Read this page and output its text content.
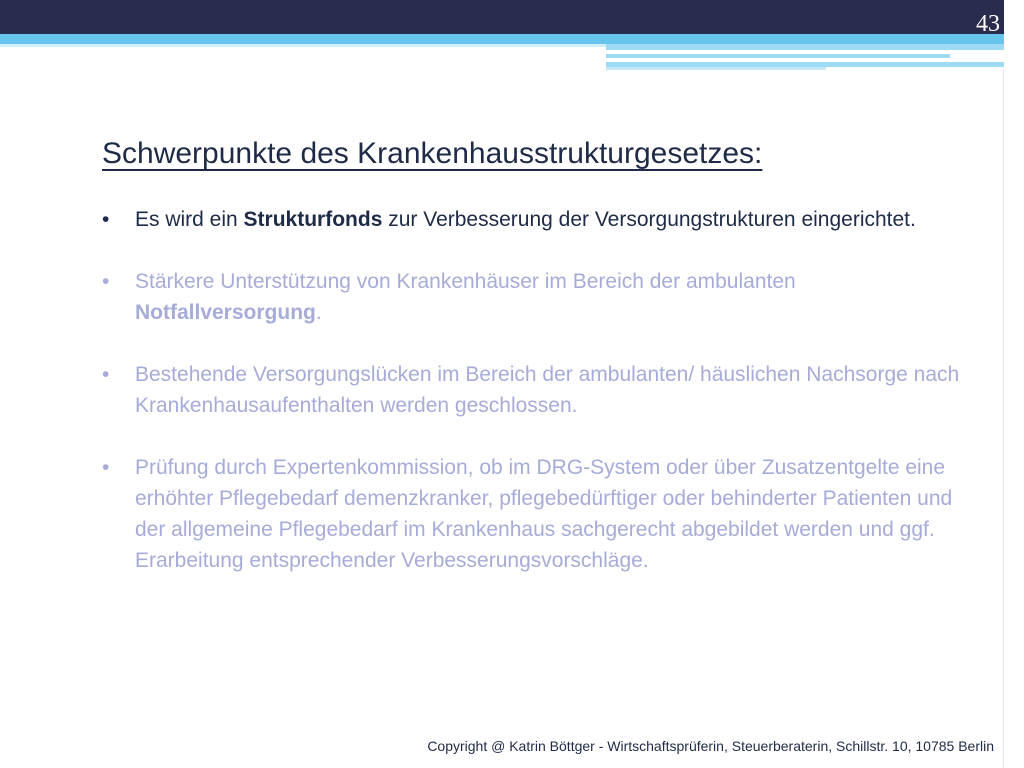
43
Schwerpunkte des Krankenhausstrukturgesetzes:
• Es wird ein Strukturfonds zur Verbesserung der Versorgungstrukturen eingerichtet.
• Stärkere Unterstützung von Krankenhäuser im Bereich der ambulanten Notfallversorgung.
• Bestehende Versorgungslücken im Bereich der ambulanten/ häuslichen Nachsorge nach Krankenhausaufenthalten werden geschlossen.
• Prüfung durch Expertenkommission, ob im DRG-System oder über Zusatzentgelte eine erhöhter Pflegebedarf demenzkranker, pflegebedürftiger oder behinderter Patienten und der allgemeine Pflegebedarf im Krankenhaus sachgerecht abgebildet werden und ggf. Erarbeitung entsprechender Verbesserungsvorschläge.
Copyright @ Katrin Böttger - Wirtschaftsprüferin, Steuerberaterin, Schillstr. 10, 10785 Berlin
